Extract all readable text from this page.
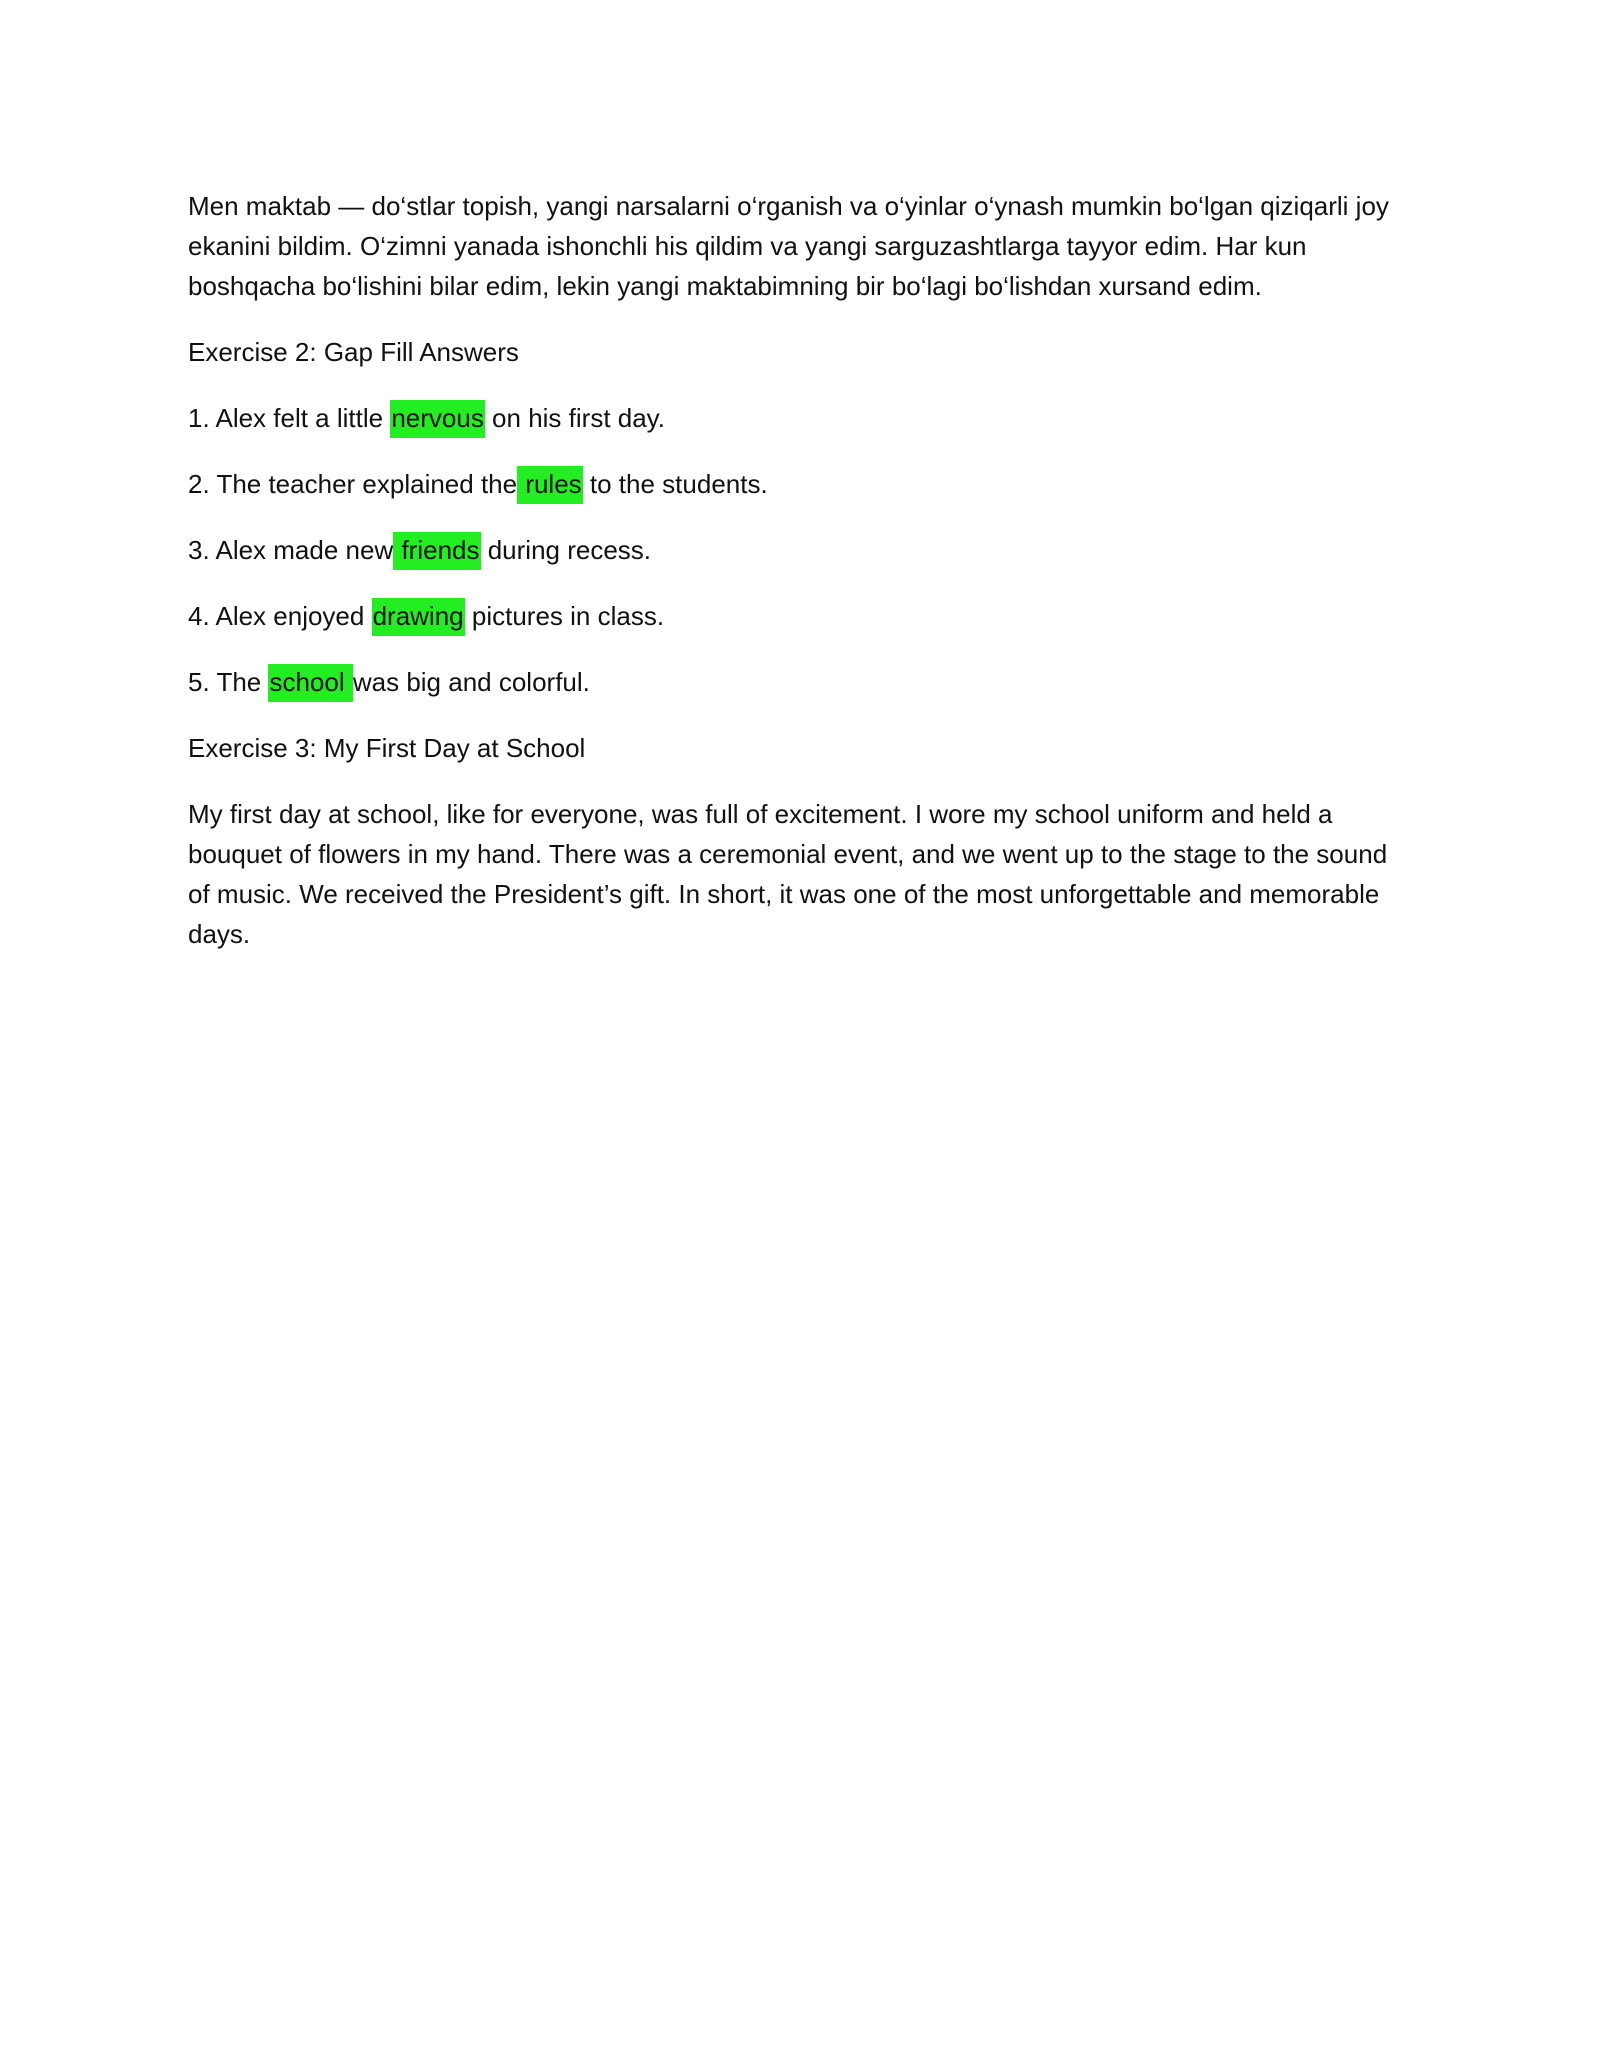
Men maktab — do‘stlar topish, yangi narsalarni o‘rganish va o‘yinlar o‘ynash mumkin bo‘lgan qiziqarli joy ekanini bildim. O‘zimni yanada ishonchli his qildim va yangi sarguzashtlarga tayyor edim. Har kun boshqacha bo‘lishini bilar edim, lekin yangi maktabimning bir bo‘lagi bo‘lishdan xursand edim.

Exercise 2: Gap Fill Answers

1. Alex felt a little nervous on his first day.

2. The teacher explained the rules to the students.

3. Alex made new friends during recess.

4. Alex enjoyed drawing pictures in class.

5. The school was big and colorful.

Exercise 3: My First Day at School

My first day at school, like for everyone, was full of excitement. I wore my school uniform and held a bouquet of flowers in my hand. There was a ceremonial event, and we went up to the stage to the sound of music. We received the President’s gift. In short, it was one of the most unforgettable and memorable days.
